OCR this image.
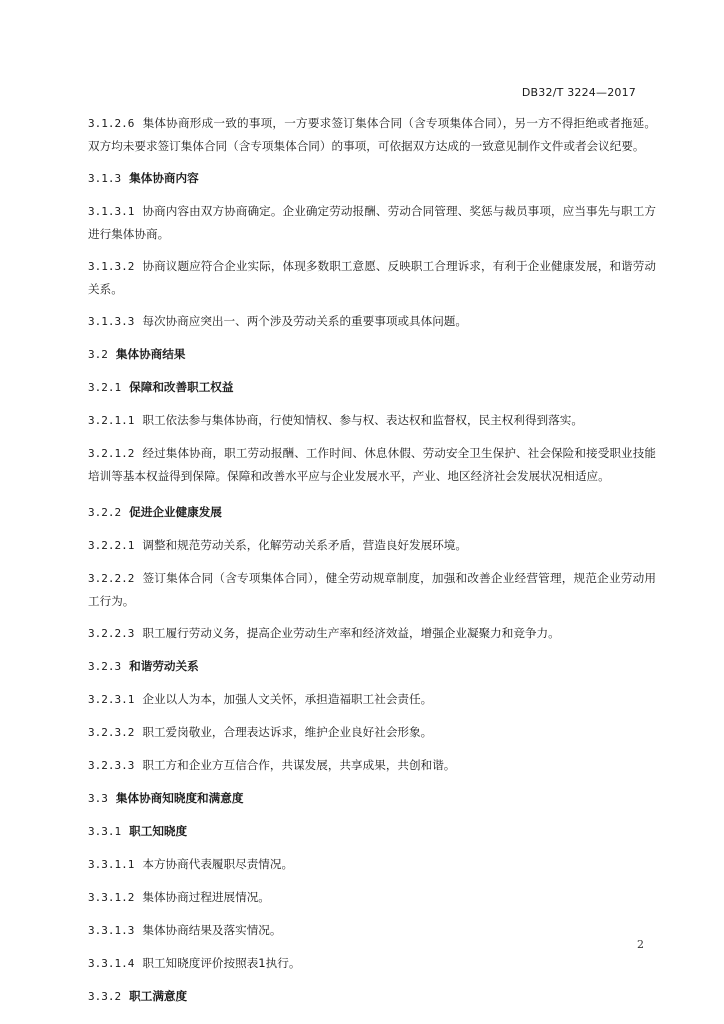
DB32/T 3224—2017

3.1.2.6 集体协商形成一致的事项，一方要求签订集体合同（含专项集体合同），另一方不得拒绝或者拖延。双方均未要求签订集体合同（含专项集体合同）的事项，可依据双方达成的一致意见制作文件或者会议纪要。

3.1.3 集体协商内容

3.1.3.1 协商内容由双方协商确定。企业确定劳动报酬、劳动合同管理、奖惩与裁员事项，应当事先与职工方进行集体协商。

3.1.3.2 协商议题应符合企业实际，体现多数职工意愿、反映职工合理诉求，有利于企业健康发展，和谐劳动关系。

3.1.3.3 每次协商应突出一、两个涉及劳动关系的重要事项或具体问题。

3.2 集体协商结果

3.2.1 保障和改善职工权益

3.2.1.1 职工依法参与集体协商，行使知情权、参与权、表达权和监督权，民主权利得到落实。

3.2.1.2 经过集体协商，职工劳动报酬、工作时间、休息休假、劳动安全卫生保护、社会保险和接受职业技能培训等基本权益得到保障。保障和改善水平应与企业发展水平，产业、地区经济社会发展状况相适应。

3.2.2 促进企业健康发展

3.2.2.1 调整和规范劳动关系，化解劳动关系矛盾，营造良好发展环境。

3.2.2.2 签订集体合同（含专项集体合同），健全劳动规章制度，加强和改善企业经营管理，规范企业劳动用工行为。

3.2.2.3 职工履行劳动义务，提高企业劳动生产率和经济效益，增强企业凝聚力和竞争力。

3.2.3 和谐劳动关系

3.2.3.1 企业以人为本，加强人文关怀，承担造福职工社会责任。

3.2.3.2 职工爱岗敬业，合理表达诉求，维护企业良好社会形象。

3.2.3.3 职工方和企业方互信合作，共谋发展，共享成果，共创和谐。

3.3 集体协商知晓度和满意度

3.3.1 职工知晓度

3.3.1.1 本方协商代表履职尽责情况。

3.3.1.2 集体协商过程进展情况。

3.3.1.3 集体协商结果及落实情况。

3.3.1.4 职工知晓度评价按照表1执行。

3.3.2 职工满意度

2
